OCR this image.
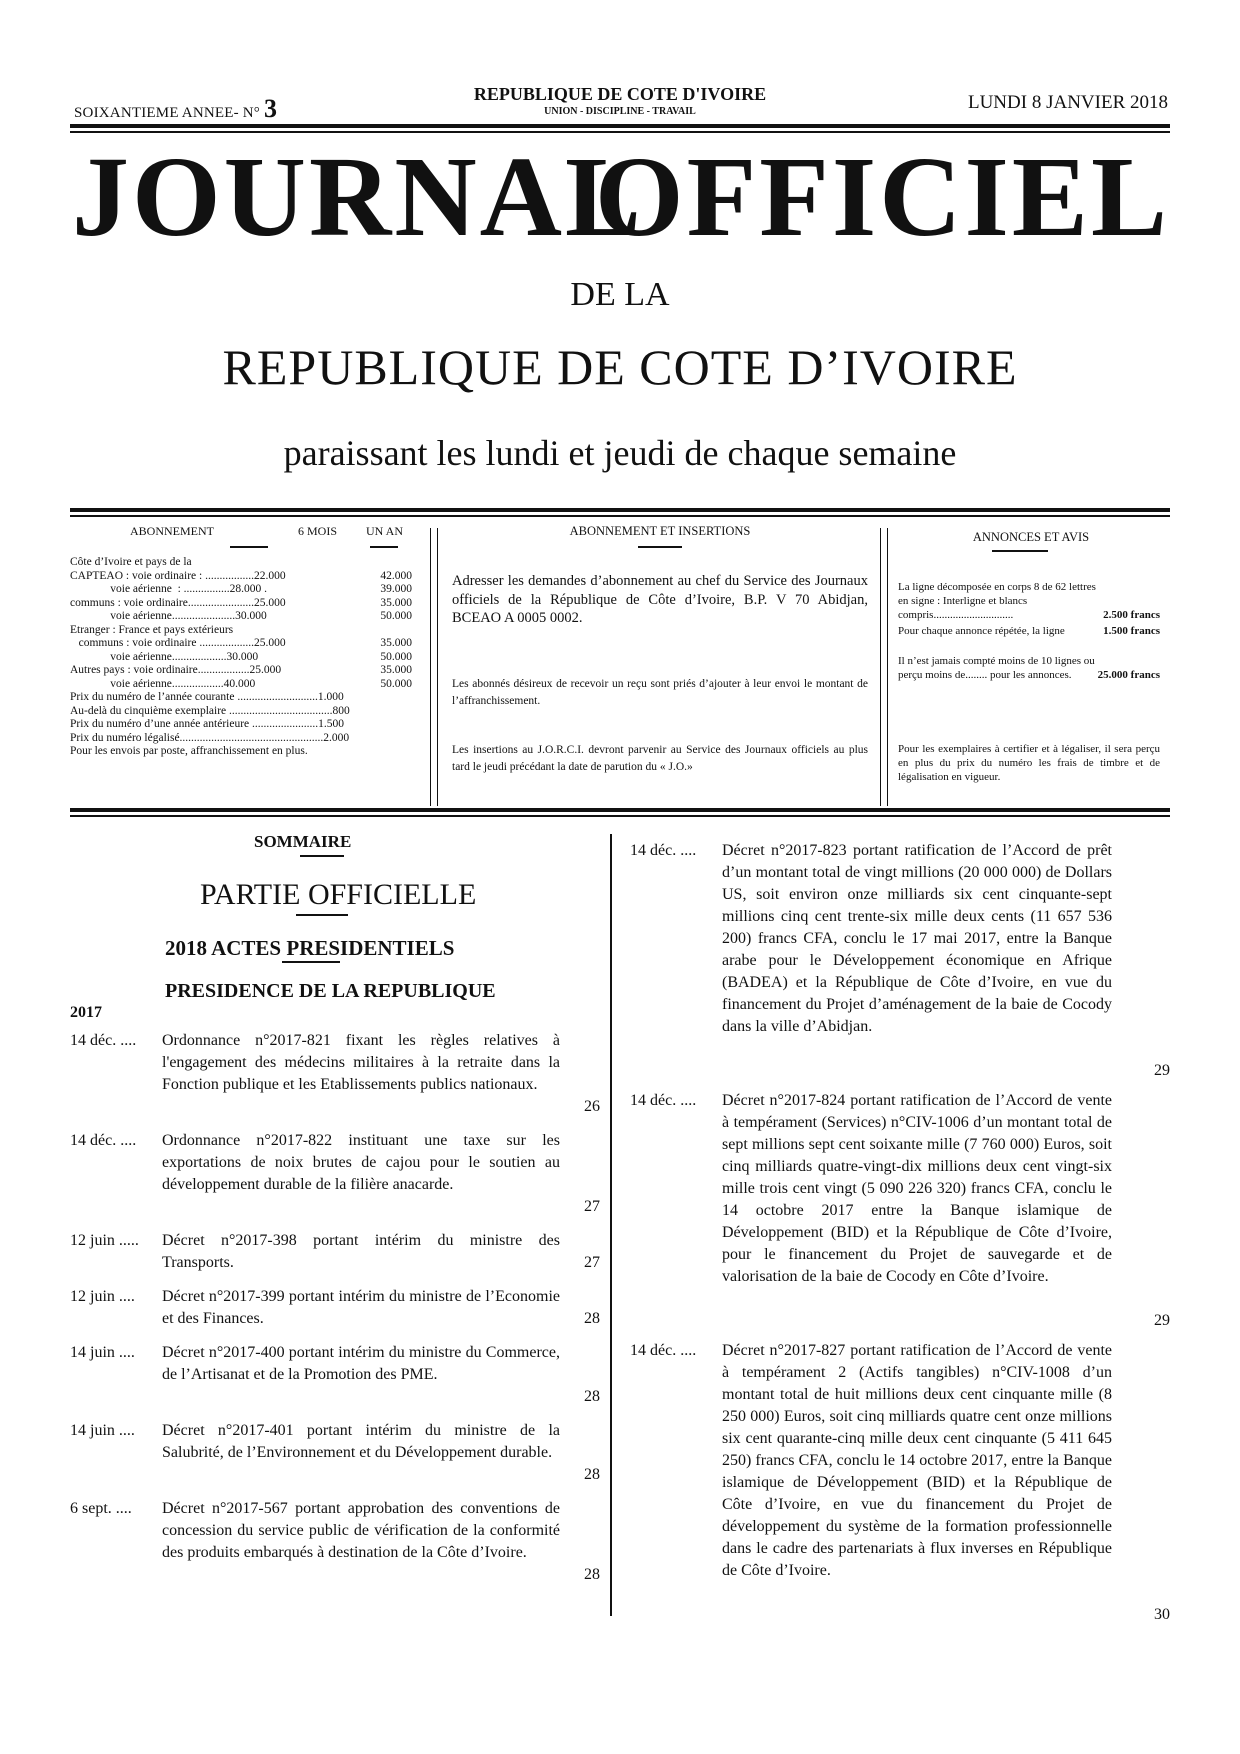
SOIXANTIEME ANNEE- N° 3	REPUBLIQUE DE COTE D'IVOIRE
UNION - DISCIPLINE - TRAVAIL	LUNDI 8 JANVIER 2018
JOURNAL
OFFICIEL
DE LA
REPUBLIQUE DE COTE D’IVOIRE
paraissant les lundi et jeudi de chaque semaine
ABONNEMENT	6 MOIS UN AN
Côte d’Ivoire et pays de la
CAPTEAO : voie ordinaire : .................22.000	42.000
voie aérienne  : ................28.000 .	39.000
communs : voie ordinaire.......................25.000	35.000
voie aérienne......................30.000	50.000
Etranger : France et pays extérieurs
communs : voie ordinaire ...................25.000	35.000
voie aérienne...................30.000	50.000
Autres pays : voie ordinaire..................25.000	35.000
voie aérienne..................40.000	50.000
Prix du numéro de l’année courante ............................1.000
Au-delà du cinquième exemplaire ....................................800
Prix du numéro d’une année antérieure .......................1.500
Prix du numéro légalisé..................................................2.000
Pour les envois par poste, affranchissement en plus.
ABONNEMENT ET INSERTIONS
Adresser les demandes d’abonnement au chef du Service des Journaux officiels de la République de Côte d’Ivoire, B.P. V 70 Abidjan, BCEAO A 0005 0002.
Les abonnés désireux de recevoir un reçu sont priés d’ajouter à leur envoi le montant de l’affranchissement.
Les insertions au J.O.R.C.I. devront parvenir au Service des Journaux officiels au plus tard le jeudi précédant la date de parution du « J.O.»
ANNONCES ET AVIS
La ligne décomposée en corps 8 de 62 lettres en signe : Interligne et blancs compris.............................	2.500 francs
Pour chaque annonce répétée, la ligne	1.500 francs
Il n’est jamais compté moins de 10 lignes ou perçu moins de........ pour les annonces.	25.000 francs
Pour les exemplaires à certifier et à légaliser, il sera perçu en plus du prix du numéro les frais de timbre et de légalisation en vigueur.
SOMMAIRE
PARTIE OFFICIELLE
2018 ACTES PRESIDENTIELS
PRESIDENCE DE LA REPUBLIQUE
2017
14 déc. .... Ordonnance n°2017-821 fixant les règles relatives à l'engagement des médecins militaires à la retraite dans la Fonction publique et les Etablissements publics nationaux.
26
14 déc. .... Ordonnance n°2017-822 instituant une taxe sur les exportations de noix brutes de cajou pour le soutien au développement durable de la filière anacarde.
27
12 juin ..... Décret n°2017-398 portant intérim du ministre des Transports.	27
12 juin .... Décret n°2017-399 portant intérim du ministre de l’Economie et des Finances.	28
14 juin .... Décret n°2017-400 portant intérim du ministre du Commerce, de l’Artisanat et de la Promotion des PME.
28
14 juin .... Décret n°2017-401 portant intérim du ministre de la Salubrité, de l’Environnement et du Développement durable.
28
6 sept. .... Décret n°2017-567 portant approbation des conventions de concession du service public de vérification de la conformité des produits embarqués à destination de la Côte d’Ivoire.
28
14 déc. .... Décret n°2017-823 portant ratification de l’Accord de prêt d’un montant total de vingt millions (20 000 000) de Dollars US, soit environ onze milliards six cent cinquante-sept millions cinq cent trente-six mille deux cents (11 657 536 200) francs CFA, conclu le 17 mai 2017, entre la Banque arabe pour le Développement économique en Afrique (BADEA) et la République de Côte d’Ivoire, en vue du financement du Projet d’aménagement de la baie de Cocody dans la ville d’Abidjan.
29
14 déc. .... Décret n°2017-824 portant ratification de l’Accord de vente à tempérament (Services) n°CIV-1006 d’un montant total de sept millions sept cent soixante mille (7 760 000) Euros, soit cinq milliards quatre-vingt-dix millions deux cent vingt-six mille trois cent vingt (5 090 226 320) francs CFA, conclu le 14 octobre 2017 entre la Banque islamique de Développement (BID) et la République de Côte d’Ivoire, pour le financement du Projet de sauvegarde et de valorisation de la baie de Cocody en Côte d’Ivoire.
29
14 déc. .... Décret n°2017-827 portant ratification de l’Accord de vente à tempérament 2 (Actifs tangibles) n°CIV-1008 d’un montant total de huit millions deux cent cinquante mille (8 250 000) Euros, soit cinq milliards quatre cent onze millions six cent quarante-cinq mille deux cent cinquante (5 411 645 250) francs CFA, conclu le 14 octobre 2017, entre la Banque islamique de Développement (BID) et la République de Côte d’Ivoire, en vue du financement du Projet de développement du système de la formation professionnelle dans le cadre des partenariats à flux inverses en République de Côte d’Ivoire.
30
